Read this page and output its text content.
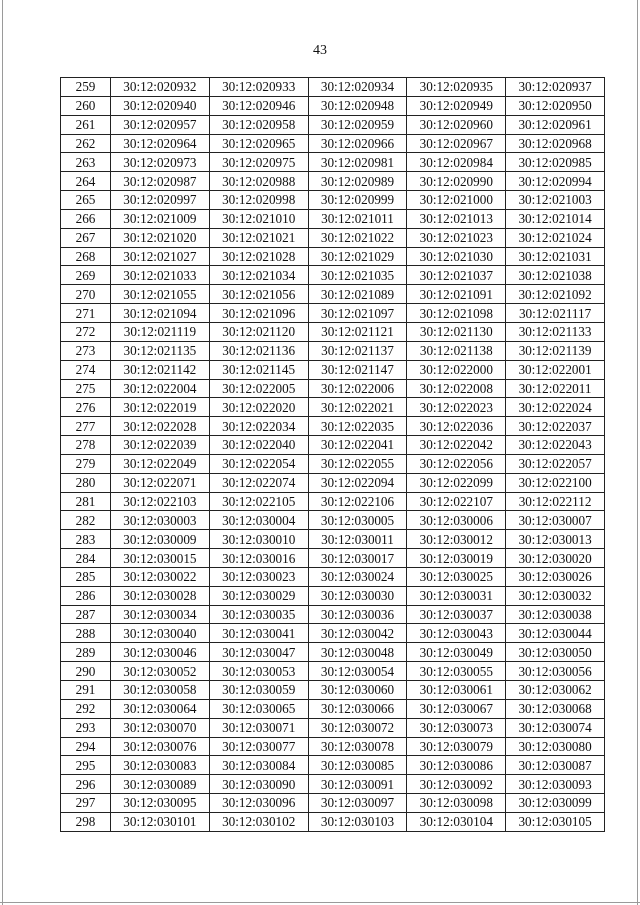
43
259	30:12:020932	30:12:020933	30:12:020934	30:12:020935	30:12:020937
260	30:12:020940	30:12:020946	30:12:020948	30:12:020949	30:12:020950
261	30:12:020957	30:12:020958	30:12:020959	30:12:020960	30:12:020961
262	30:12:020964	30:12:020965	30:12:020966	30:12:020967	30:12:020968
263	30:12:020973	30:12:020975	30:12:020981	30:12:020984	30:12:020985
264	30:12:020987	30:12:020988	30:12:020989	30:12:020990	30:12:020994
265	30:12:020997	30:12:020998	30:12:020999	30:12:021000	30:12:021003
266	30:12:021009	30:12:021010	30:12:021011	30:12:021013	30:12:021014
267	30:12:021020	30:12:021021	30:12:021022	30:12:021023	30:12:021024
268	30:12:021027	30:12:021028	30:12:021029	30:12:021030	30:12:021031
269	30:12:021033	30:12:021034	30:12:021035	30:12:021037	30:12:021038
270	30:12:021055	30:12:021056	30:12:021089	30:12:021091	30:12:021092
271	30:12:021094	30:12:021096	30:12:021097	30:12:021098	30:12:021117
272	30:12:021119	30:12:021120	30:12:021121	30:12:021130	30:12:021133
273	30:12:021135	30:12:021136	30:12:021137	30:12:021138	30:12:021139
274	30:12:021142	30:12:021145	30:12:021147	30:12:022000	30:12:022001
275	30:12:022004	30:12:022005	30:12:022006	30:12:022008	30:12:022011
276	30:12:022019	30:12:022020	30:12:022021	30:12:022023	30:12:022024
277	30:12:022028	30:12:022034	30:12:022035	30:12:022036	30:12:022037
278	30:12:022039	30:12:022040	30:12:022041	30:12:022042	30:12:022043
279	30:12:022049	30:12:022054	30:12:022055	30:12:022056	30:12:022057
280	30:12:022071	30:12:022074	30:12:022094	30:12:022099	30:12:022100
281	30:12:022103	30:12:022105	30:12:022106	30:12:022107	30:12:022112
282	30:12:030003	30:12:030004	30:12:030005	30:12:030006	30:12:030007
283	30:12:030009	30:12:030010	30:12:030011	30:12:030012	30:12:030013
284	30:12:030015	30:12:030016	30:12:030017	30:12:030019	30:12:030020
285	30:12:030022	30:12:030023	30:12:030024	30:12:030025	30:12:030026
286	30:12:030028	30:12:030029	30:12:030030	30:12:030031	30:12:030032
287	30:12:030034	30:12:030035	30:12:030036	30:12:030037	30:12:030038
288	30:12:030040	30:12:030041	30:12:030042	30:12:030043	30:12:030044
289	30:12:030046	30:12:030047	30:12:030048	30:12:030049	30:12:030050
290	30:12:030052	30:12:030053	30:12:030054	30:12:030055	30:12:030056
291	30:12:030058	30:12:030059	30:12:030060	30:12:030061	30:12:030062
292	30:12:030064	30:12:030065	30:12:030066	30:12:030067	30:12:030068
293	30:12:030070	30:12:030071	30:12:030072	30:12:030073	30:12:030074
294	30:12:030076	30:12:030077	30:12:030078	30:12:030079	30:12:030080
295	30:12:030083	30:12:030084	30:12:030085	30:12:030086	30:12:030087
296	30:12:030089	30:12:030090	30:12:030091	30:12:030092	30:12:030093
297	30:12:030095	30:12:030096	30:12:030097	30:12:030098	30:12:030099
298	30:12:030101	30:12:030102	30:12:030103	30:12:030104	30:12:030105
